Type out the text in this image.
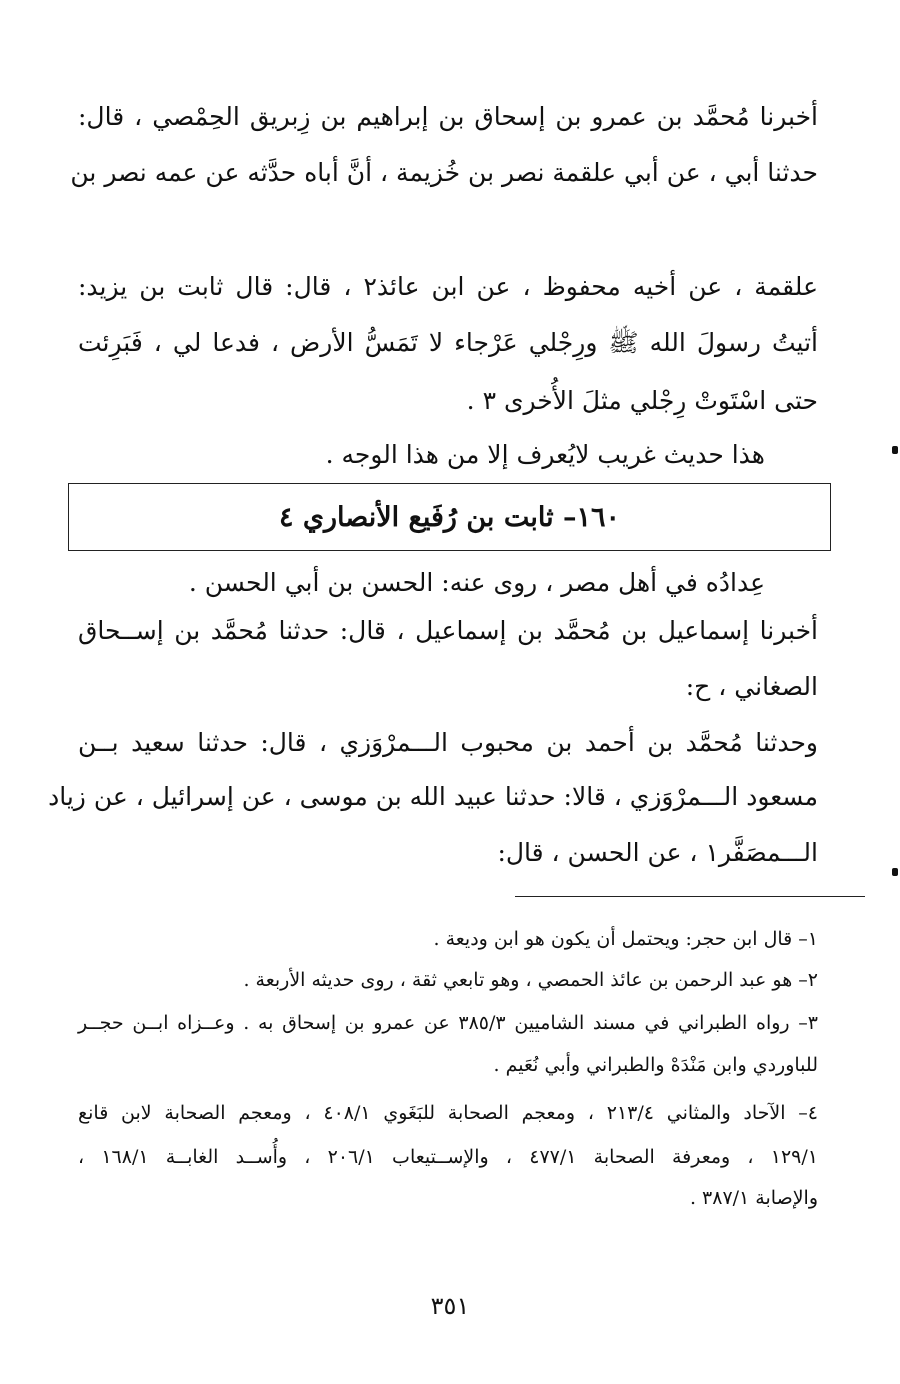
أخبرنا مُحمَّد بن عمرو بن إسحاق بن إبراهيم بن زِبريق الحِمْصي ، قال:
حدثنا أبي ، عن أبي علقمة نصر بن خُزيمة ، أنَّ أباه حدَّثه عن عمه نصر بن
علقمة ، عن أخيه محفوظ ، عن ابن عائذ٢ ، قال: قال ثابت بن يزيد:
أتيتُ رسولَ الله ﷺ ورِجْلي عَرْجاء لا تَمَسُّ الأرض ، فدعا لي ، فَبَرِئت
حتى اسْتَوتْ رِجْلي مثلَ الأُخرى ٣ .
هذا حديث غريب لايُعرف إلا من هذا الوجه .
١٦٠– ثابت بن رُفَيع الأنصاري ٤
عِدادُه في أهل مصر ، روى عنه: الحسن بن أبي الحسن .
أخبرنا إسماعيل بن مُحمَّد بن إسماعيل ، قال: حدثنا مُحمَّد بن إســحاق
الصغاني ، ح:
وحدثنا مُحمَّد بن أحمد بن محبوب الـــمرْوَزي ، قال: حدثنا سعيد بــن
مسعود الـــمرْوَزي ، قالا: حدثنا عبيد الله بن موسى ، عن إسرائيل ، عن زياد
الـــمصَفَّر١ ، عن الحسن ، قال:
١– قال ابن حجر: ويحتمل أن يكون هو ابن وديعة .
٢– هو عبد الرحمن بن عائذ الحمصي ، وهو تابعي ثقة ، روى حديثه الأربعة .
٣– رواه الطبراني في مسند الشاميين ٣٨٥/٣ عن عمرو بن إسحاق به . وعــزاه ابــن حجــر
للباوردي وابن مَنْدَهْ والطبراني وأبي نُعَيم .
٤– الآحاد والمثاني ٢١٣/٤ ، ومعجم الصحابة للبَغَوي ٤٠٨/١ ، ومعجم الصحابة لابن قانع
١٢٩/١ ، ومعرفة الصحابة ٤٧٧/١ ، والإســتيعاب ٢٠٦/١ ، وأُســد الغابــة ١٦٨/١ ،
والإصابة ٣٨٧/١ .
٣٥١
